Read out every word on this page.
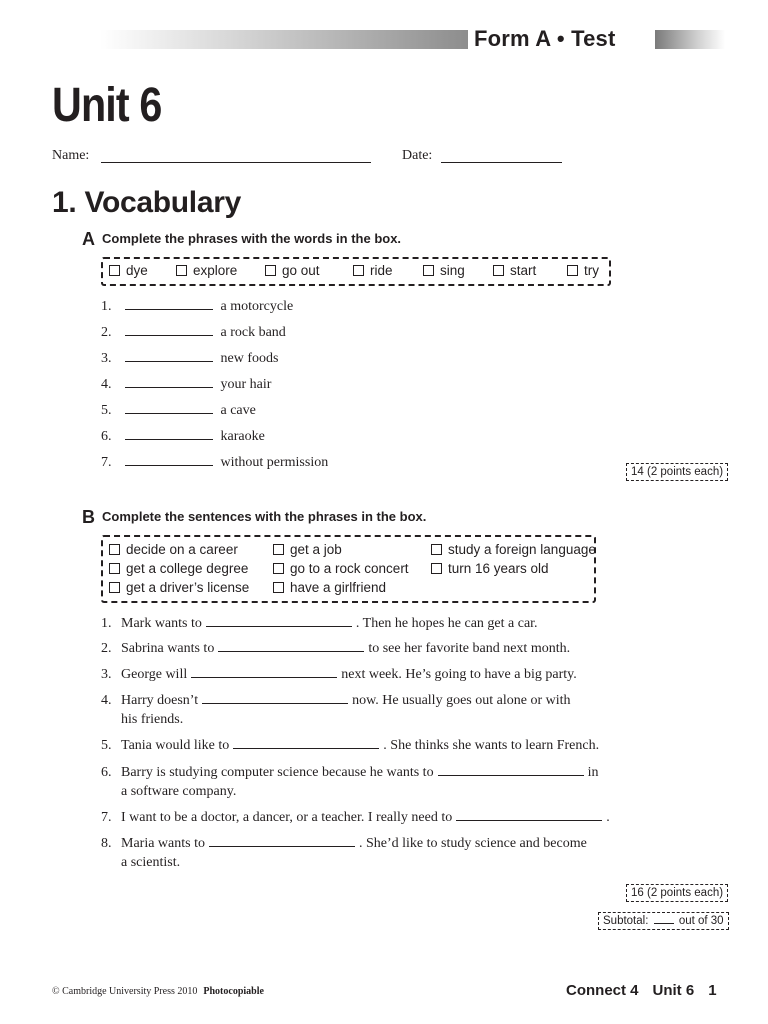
Form A • Test
Unit 6
Name:	Date:
1. Vocabulary
A Complete the phrases with the words in the box.
dye	explore	go out	ride	sing	start	try
1.	a motorcycle
2.	a rock band
3.	new foods
4.	your hair
5.	a cave
6.	karaoke
7.	without permission
14 (2 points each)
B Complete the sentences with the phrases in the box.
decide on a career	get a job	study a foreign language
get a college degree	go to a rock concert	turn 16 years old
get a driver’s license	have a girlfriend
1. Mark wants to	. Then he hopes he can get a car.
2. Sabrina wants to	to see her favorite band next month.
3. George will	next week. He’s going to have a big party.
4. Harry doesn’t	now. He usually goes out alone or with
his friends.
5. Tania would like to	. She thinks she wants to learn French.
6. Barry is studying computer science because he wants to	in
a software company.
7. I want to be a doctor, a dancer, or a teacher. I really need to	.
8. Maria wants to	. She’d like to study science and become
a scientist.
16 (2 points each)
Subtotal:	out of 30
© Cambridge University Press 2010 Photocopiable	Connect 4 Unit 6 1
